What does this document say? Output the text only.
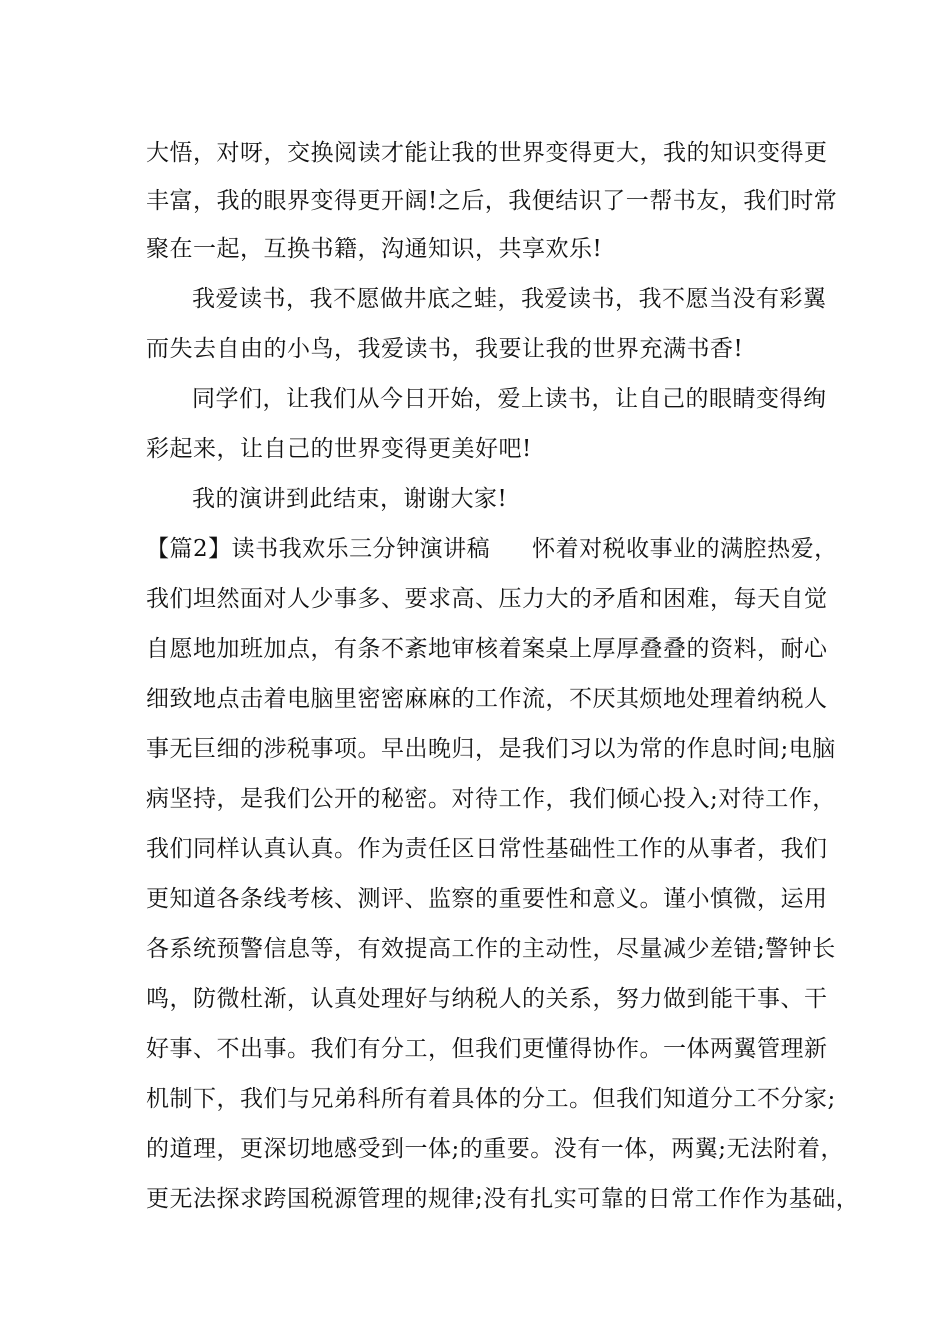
大悟，对呀，交换阅读才能让我的世界变得更大，我的知识变得更
丰富，我的眼界变得更开阔!之后，我便结识了一帮书友，我们时常
聚在一起，互换书籍，沟通知识，共享欢乐!
我爱读书，我不愿做井底之蛙，我爱读书，我不愿当没有彩翼
而失去自由的小鸟，我爱读书，我要让我的世界充满书香!
同学们，让我们从今日开始，爱上读书，让自己的眼睛变得绚
彩起来，让自己的世界变得更美好吧!
我的演讲到此结束，谢谢大家!
【篇2】读书我欢乐三分钟演讲稿 怀着对税收事业的满腔热爱，
我们坦然面对人少事多、要求高、压力大的矛盾和困难，每天自觉
自愿地加班加点，有条不紊地审核着案桌上厚厚叠叠的资料，耐心
细致地点击着电脑里密密麻麻的工作流，不厌其烦地处理着纳税人
事无巨细的涉税事项。早出晚归，是我们习以为常的作息时间;电脑
病坚持，是我们公开的秘密。对待工作，我们倾心投入;对待工作，
我们同样认真认真。作为责任区日常性基础性工作的从事者，我们
更知道各条线考核、测评、监察的重要性和意义。谨小慎微，运用
各系统预警信息等，有效提高工作的主动性，尽量减少差错;警钟长
鸣，防微杜渐，认真处理好与纳税人的关系，努力做到能干事、干
好事、不出事。我们有分工，但我们更懂得协作。一体两翼管理新
机制下，我们与兄弟科所有着具体的分工。但我们知道分工不分家;
的道理，更深切地感受到一体;的重要。没有一体，两翼;无法附着，
更无法探求跨国税源管理的规律;没有扎实可靠的日常工作作为基础，
